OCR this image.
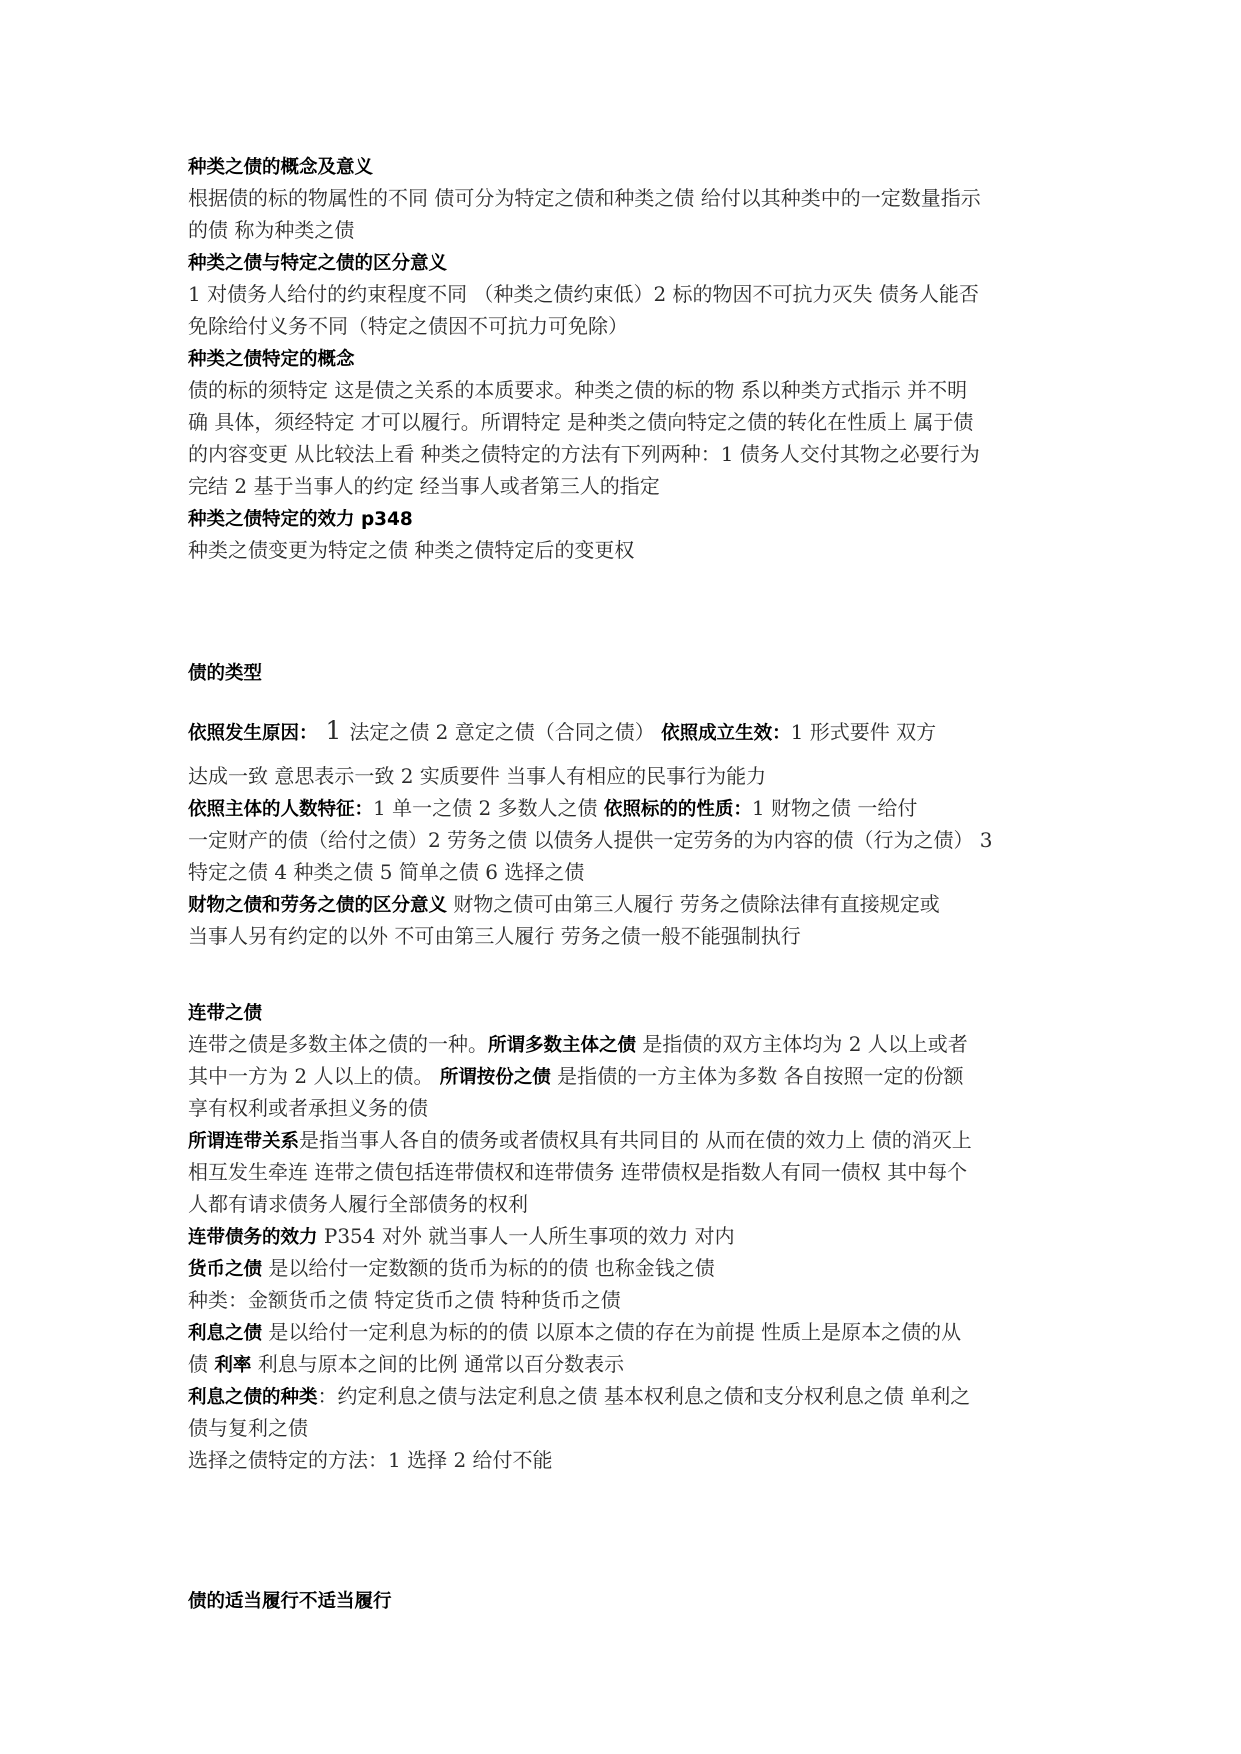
种类之债的概念及意义
根据债的标的物属性的不同 债可分为特定之债和种类之债 给付以其种类中的一定数量指示
的债 称为种类之债
种类之债与特定之债的区分意义
1 对债务人给付的约束程度不同 （种类之债约束低）2 标的物因不可抗力灭失 债务人能否
免除给付义务不同（特定之债因不可抗力可免除）
种类之债特定的概念
债的标的须特定 这是债之关系的本质要求。种类之债的标的物 系以种类方式指示 并不明
确 具体，须经特定 才可以履行。所谓特定 是种类之债向特定之债的转化在性质上 属于债
的内容变更 从比较法上看 种类之债特定的方法有下列两种：1 债务人交付其物之必要行为
完结 2 基于当事人的约定 经当事人或者第三人的指定
种类之债特定的效力 p348
种类之债变更为特定之债 种类之债特定后的变更权
债的类型
依照发生原因： 1 法定之债 2 意定之债（合同之债） 依照成立生效：1 形式要件 双方
达成一致 意思表示一致 2 实质要件 当事人有相应的民事行为能力
依照主体的人数特征：1 单一之债 2 多数人之债 依照标的的性质：1 财物之债 一给付
一定财产的债（给付之债）2 劳务之债 以债务人提供一定劳务的为内容的债（行为之债） 3
特定之债 4 种类之债 5 简单之债 6 选择之债
财物之债和劳务之债的区分意义 财物之债可由第三人履行 劳务之债除法律有直接规定或
当事人另有约定的以外 不可由第三人履行 劳务之债一般不能强制执行
连带之债
连带之债是多数主体之债的一种。所谓多数主体之债 是指债的双方主体均为 2 人以上或者
其中一方为 2 人以上的债。 所谓按份之债 是指债的一方主体为多数 各自按照一定的份额
享有权利或者承担义务的债
所谓连带关系是指当事人各自的债务或者债权具有共同目的 从而在债的效力上 债的消灭上
相互发生牵连 连带之债包括连带债权和连带债务 连带债权是指数人有同一债权 其中每个
人都有请求债务人履行全部债务的权利
连带债务的效力 P354 对外 就当事人一人所生事项的效力 对内
货币之债 是以给付一定数额的货币为标的的债 也称金钱之债
种类：金额货币之债 特定货币之债 特种货币之债
利息之债 是以给付一定利息为标的的债 以原本之债的存在为前提 性质上是原本之债的从
债 利率 利息与原本之间的比例 通常以百分数表示
利息之债的种类：约定利息之债与法定利息之债 基本权利息之债和支分权利息之债 单利之
债与复利之债
选择之债特定的方法：1 选择 2 给付不能
债的适当履行不适当履行
